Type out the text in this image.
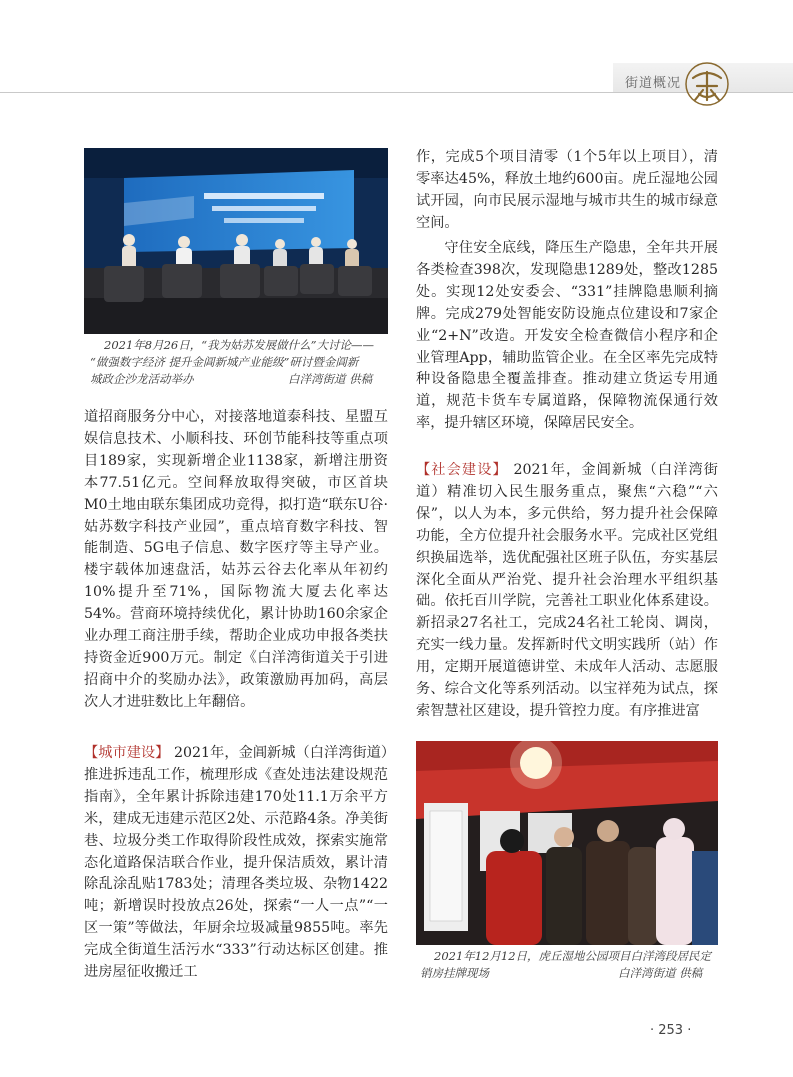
街道概况
2021年8月26日，“我为姑苏发展做什么”大讨论——
“做强数字经济 提升金阊新城产业能级”研讨暨金阊新
城政企沙龙活动举办	白洋湾街道 供稿
道招商服务分中心，对接落地道泰科技、星盟互娱信息技术、小顺科技、环创节能科技等重点项目189家，实现新增企业1138家，新增注册资本77.51亿元。空间释放取得突破，市区首块M0土地由联东集团成功竞得，拟打造“联东U谷·姑苏数字科技产业园”，重点培育数字科技、智能制造、5G电子信息、数字医疗等主导产业。楼宇载体加速盘活，姑苏云谷去化率从年初约10%提升至71%，国际物流大厦去化率达54%。营商环境持续优化，累计协助160余家企业办理工商注册手续，帮助企业成功申报各类扶持资金近900万元。制定《白洋湾街道关于引进招商中介的奖励办法》，政策激励再加码，高层次人才进驻数比上年翻倍。
【城市建设】 2021年，金阊新城（白洋湾街道）推进拆违乱工作，梳理形成《查处违法建设规范指南》，全年累计拆除违建170处11.1万余平方米，建成无违建示范区2处、示范路4条。净美街巷、垃圾分类工作取得阶段性成效，探索实施常态化道路保洁联合作业，提升保洁质效，累计清除乱涂乱贴1783处；清理各类垃圾、杂物1422吨；新增误时投放点26处，探索“一人一点”“一区一策”等做法，年厨余垃圾减量9855吨。率先完成全街道生活污水“333”行动达标区创建。推进房屋征收搬迁工
作，完成5个项目清零（1个5年以上项目），清零率达45%，释放土地约600亩。虎丘湿地公园试开园，向市民展示湿地与城市共生的城市绿意空间。
守住安全底线，降压生产隐患，全年共开展各类检查398次，发现隐患1289处，整改1285处。实现12处安委会、“331”挂牌隐患顺利摘牌。完成279处智能安防设施点位建设和7家企业“2+N”改造。开发安全检查微信小程序和企业管理App，辅助监管企业。在全区率先完成特种设备隐患全覆盖排查。推动建立货运专用通道，规范卡货车专属道路，保障物流保通行效率，提升辖区环境，保障居民安全。
【社会建设】 2021年，金阊新城（白洋湾街道）精准切入民生服务重点，聚焦“六稳”“六保”，以人为本，多元供给，努力提升社会保障功能，全方位提升社会服务水平。完成社区党组织换届选举，选优配强社区班子队伍，夯实基层深化全面从严治党、提升社会治理水平组织基础。依托百川学院，完善社工职业化体系建设。新招录27名社工，完成24名社工轮岗、调岗，充实一线力量。发挥新时代文明实践所（站）作用，定期开展道德讲堂、未成年人活动、志愿服务、综合文化等系列活动。以宝祥苑为试点，探索智慧社区建设，提升管控力度。有序推进富
2021年12月12日，虎丘湿地公园项目白洋湾段居民定
销房挂牌现场	白洋湾街道 供稿
· 253 ·
